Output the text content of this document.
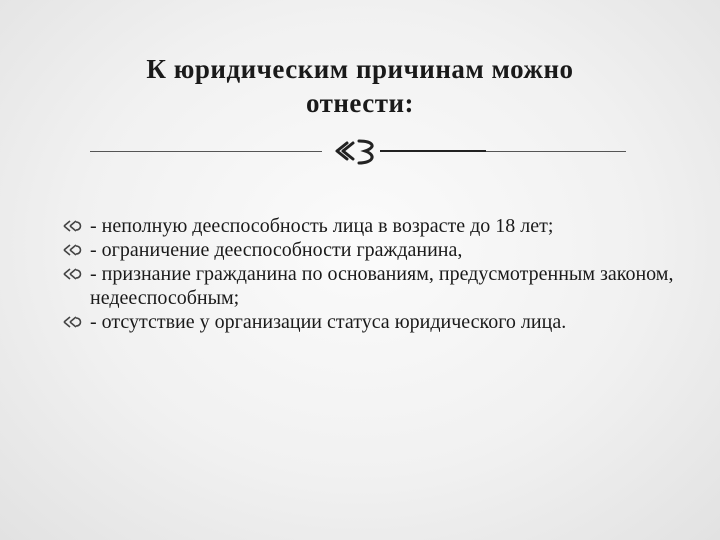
К юридическим причинам можно
отнести:
- неполную дееспособность лица в возрасте до 18 лет;
- ограничение дееспособности гражданина,
- признание гражданина по основаниям, предусмотренным законом, недееспособным;
- отсутствие у организации статуса юридического лица.
